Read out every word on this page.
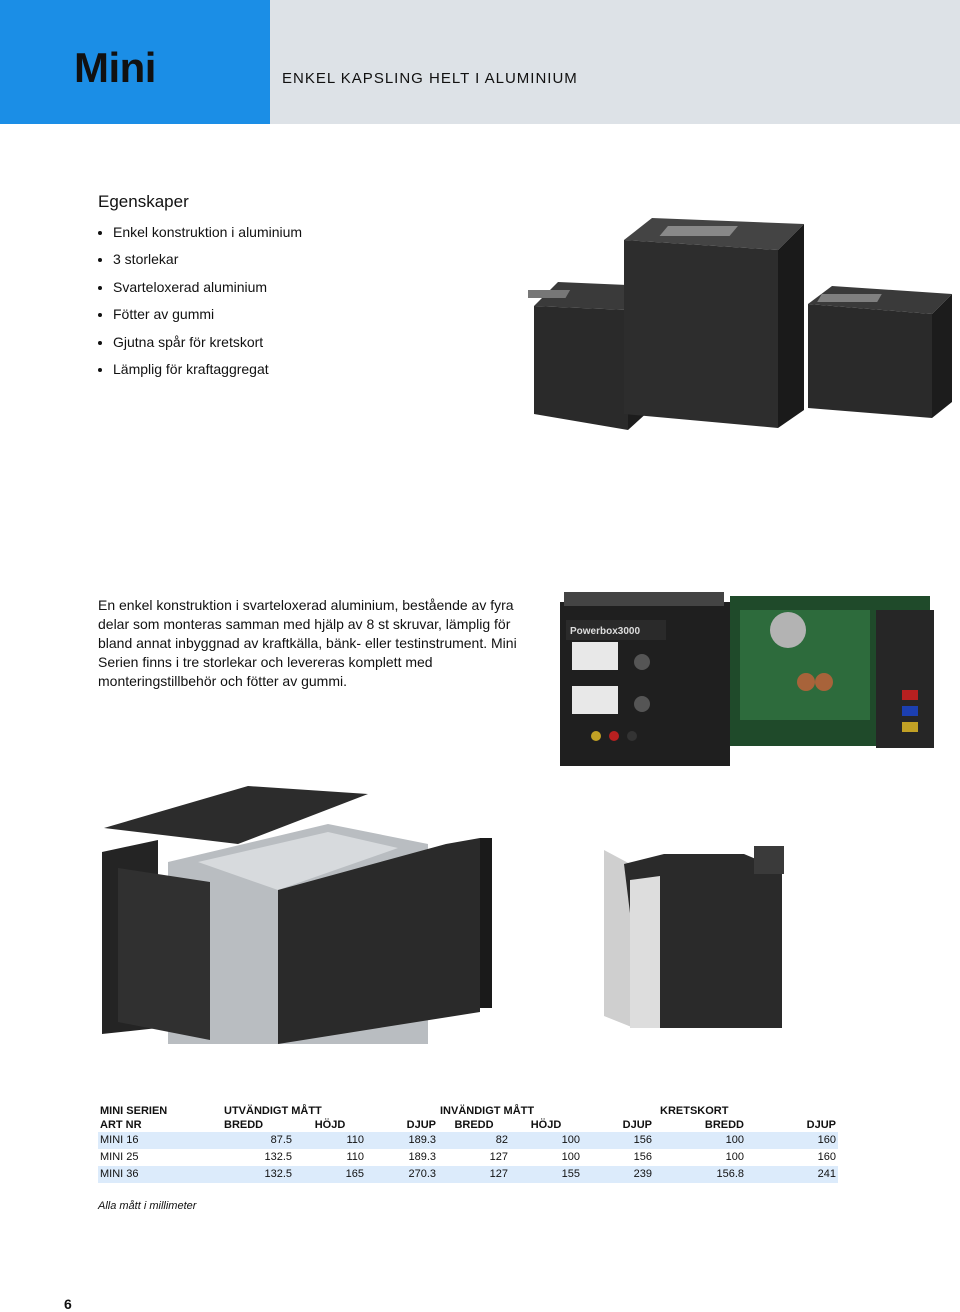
Mini	ENKEL KAPSLING HELT I ALUMINIUM
Egenskaper
Enkel konstruktion i aluminium
3 storlekar
Svarteloxerad aluminium
Fötter av gummi
Gjutna spår för kretskort
Lämplig för kraftaggregat

En enkel konstruktion i svarteloxerad aluminium, bestående av fyra delar som monteras samman med hjälp av 8 st skruvar, lämplig för bland annat inbyggnad av kraftkälla, bänk- eller testinstrument. Mini Serien finns i tre storlekar och levereras komplett med monteringstillbehör och fötter av gummi.

Powerbox3000
MINI SERIEN	UTVÄNDIGT MÅTT			INVÄNDIGT MÅTT			KRETSKORT	
ART NR	BREDD	HÖJD	DJUP	BREDD	HÖJD	DJUP	BREDD	DJUP
MINI 16	87.5	110	189.3	82	100	156	100	160
MINI 25	132.5	110	189.3	127	100	156	100	160
MINI 36	132.5	165	270.3	127	155	239	156.8	241
Alla mått i millimeter
6
